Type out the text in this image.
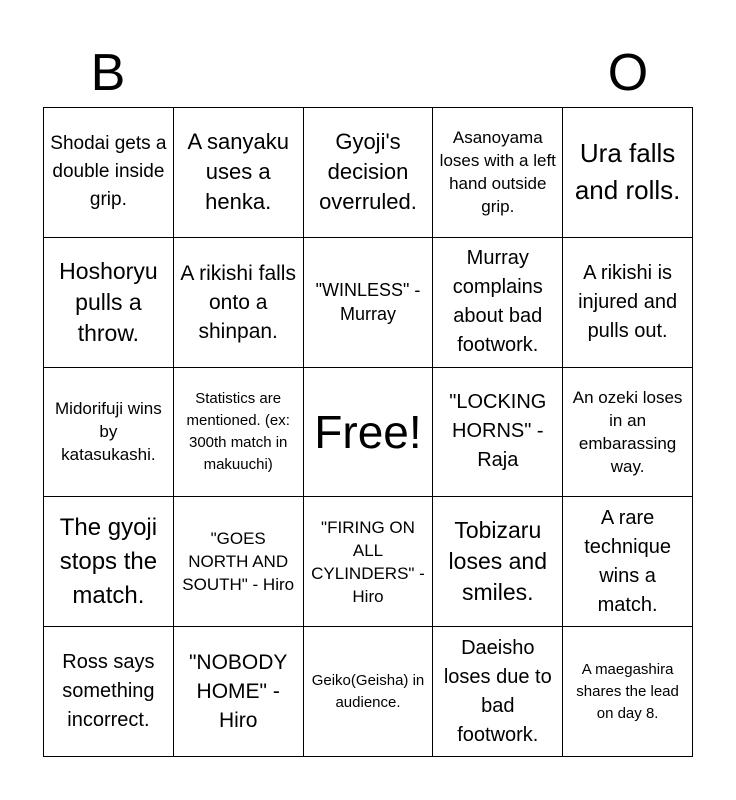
B	O
Shodai gets a double inside grip.
A sanyaku uses a henka.
Gyoji's decision overruled.
Asanoyama loses with a left hand outside grip.
Ura falls and rolls.
Hoshoryu pulls a throw.
A rikishi falls onto a shinpan.
"WINLESS" - Murray
Murray complains about bad footwork.
A rikishi is injured and pulls out.
Midorifuji wins by katasukashi.
Statistics are mentioned. (ex: 300th match in makuuchi)
Free!
"LOCKING HORNS" - Raja
An ozeki loses in an embarassing way.
The gyoji stops the match.
"GOES NORTH AND SOUTH" - Hiro
"FIRING ON ALL CYLINDERS" - Hiro
Tobizaru loses and smiles.
A rare technique wins a match.
Ross says something incorrect.
"NOBODY HOME" - Hiro
Geiko(Geisha) in audience.
Daeisho loses due to bad footwork.
A maegashira shares the lead on day 8.
